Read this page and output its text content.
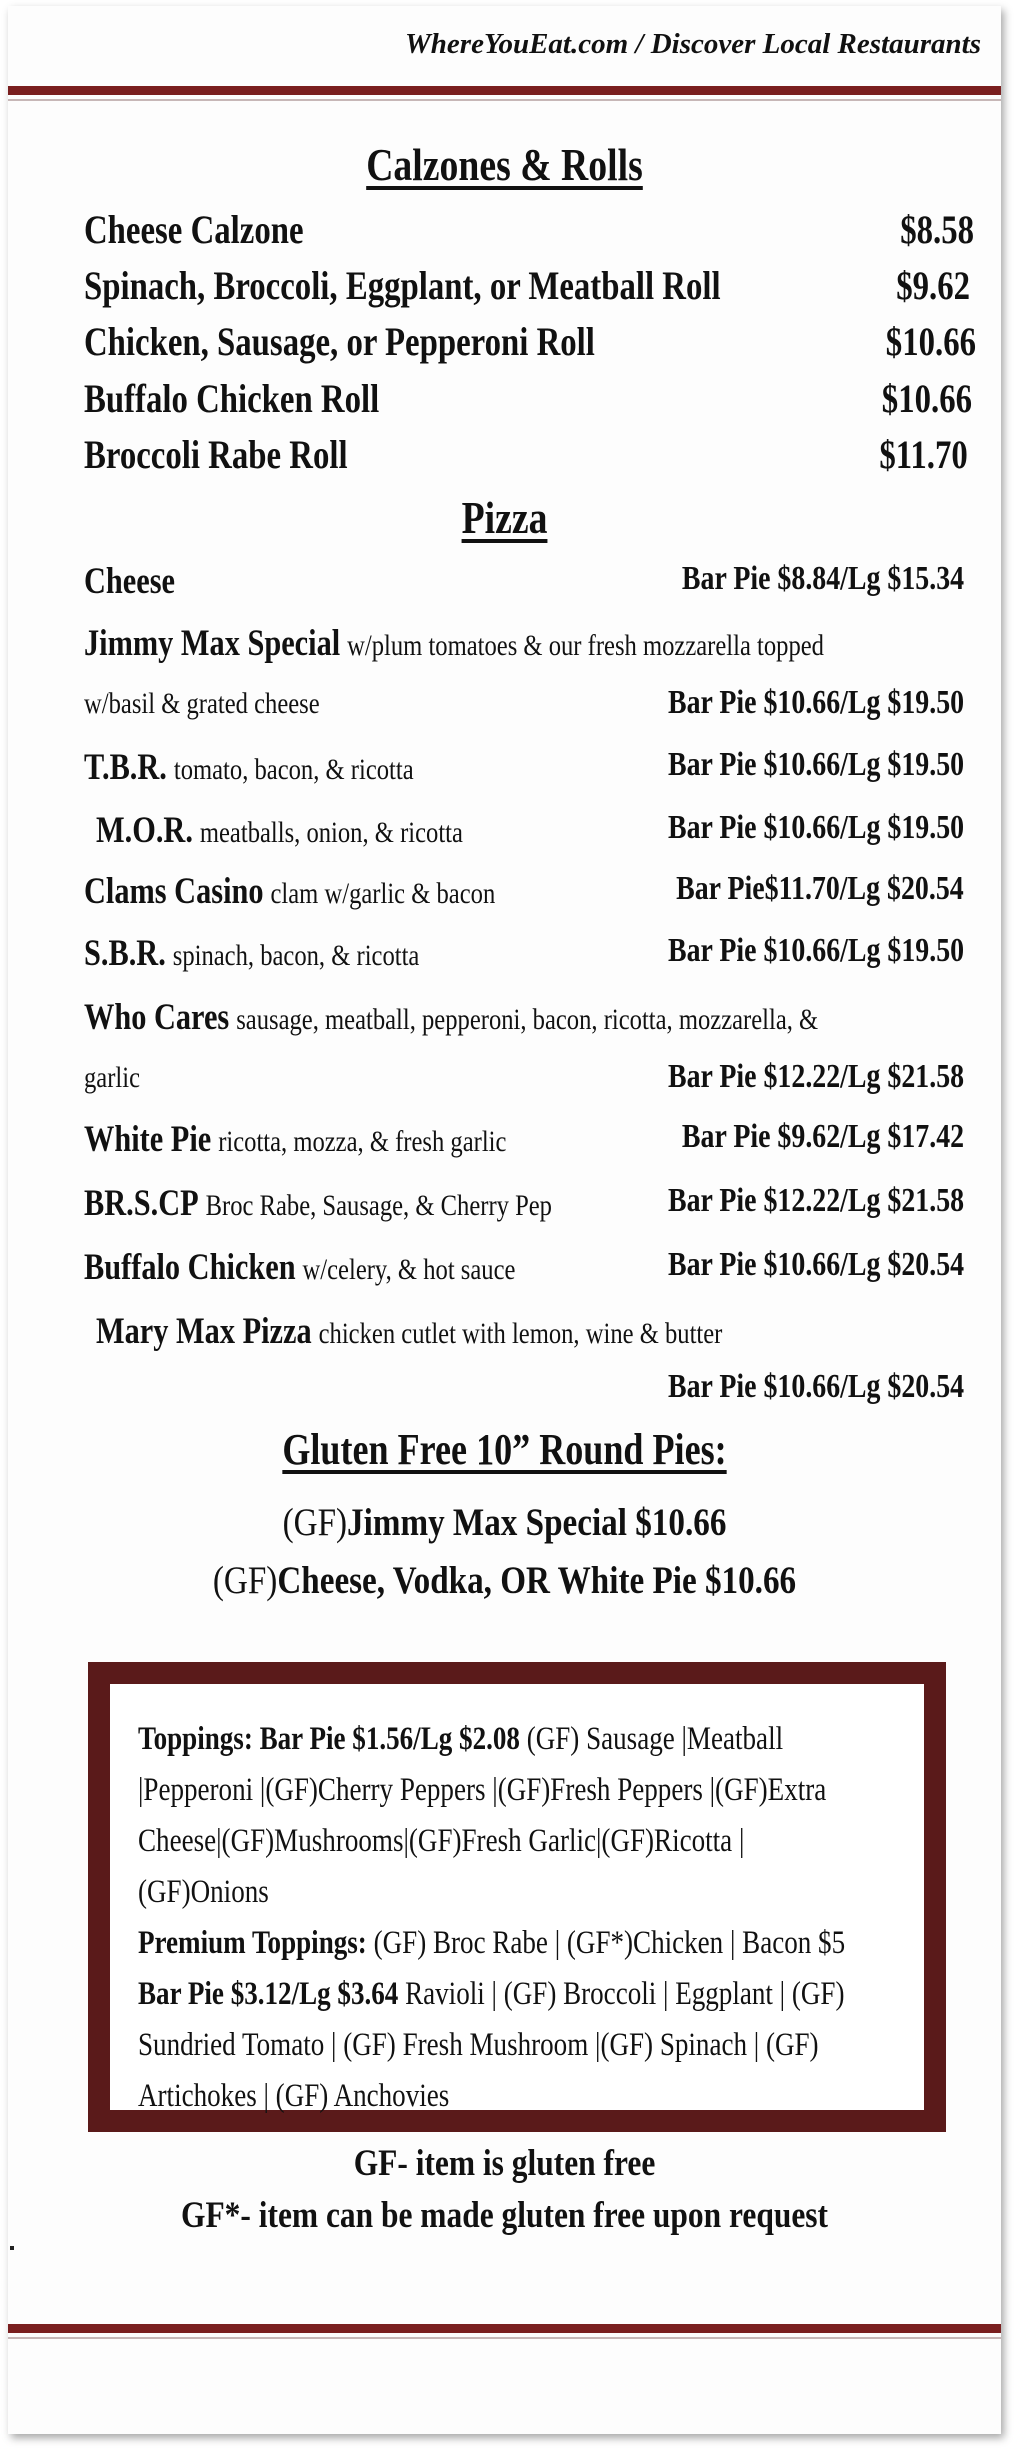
WhereYouEat.com / Discover Local Restaurants
Calzones & Rolls
Cheese Calzone	$8.58
Spinach, Broccoli, Eggplant, or Meatball Roll	$9.62
Chicken, Sausage, or Pepperoni Roll	$10.66
Buffalo Chicken Roll	$10.66
Broccoli Rabe Roll	$11.70
Pizza
Cheese	Bar Pie $8.84/Lg $15.34
Jimmy Max Special w/plum tomatoes & our fresh mozzarella topped
w/basil & grated cheese	Bar Pie $10.66/Lg $19.50
T.B.R. tomato, bacon, & ricotta	Bar Pie $10.66/Lg $19.50
M.O.R. meatballs, onion, & ricotta	Bar Pie $10.66/Lg $19.50
Clams Casino clam w/garlic & bacon	Bar Pie$11.70/Lg $20.54
S.B.R. spinach, bacon, & ricotta	Bar Pie $10.66/Lg $19.50
Who Cares sausage, meatball, pepperoni, bacon, ricotta, mozzarella, &
garlic	Bar Pie $12.22/Lg $21.58
White Pie ricotta, mozza, & fresh garlic	Bar Pie $9.62/Lg $17.42
BR.S.CP Broc Rabe, Sausage, & Cherry Pep	Bar Pie $12.22/Lg $21.58
Buffalo Chicken w/celery, & hot sauce	Bar Pie $10.66/Lg $20.54
Mary Max Pizza chicken cutlet with lemon, wine & butter
Bar Pie $10.66/Lg $20.54
Gluten Free 10” Round Pies:
(GF)Jimmy Max Special $10.66
(GF)Cheese, Vodka, OR White Pie $10.66
Toppings: Bar Pie $1.56/Lg $2.08 (GF) Sausage |Meatball |Pepperoni |(GF)Cherry Peppers |(GF)Fresh Peppers |(GF)Extra Cheese|(GF)Mushrooms|(GF)Fresh Garlic|(GF)Ricotta |(GF)Onions
Premium Toppings: (GF) Broc Rabe | (GF*)Chicken | Bacon $5 Bar Pie $3.12/Lg $3.64 Ravioli | (GF) Broccoli | Eggplant | (GF) Sundried Tomato | (GF) Fresh Mushroom |(GF) Spinach | (GF) Artichokes | (GF) Anchovies
GF- item is gluten free
GF*- item can be made gluten free upon request
